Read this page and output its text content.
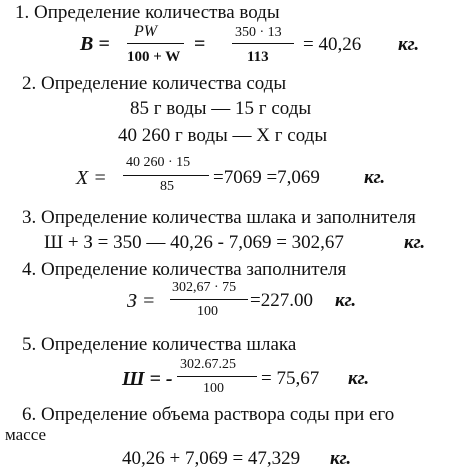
1. Определение количества воды
В =
PW
100 + W
=
350 · 13
113
= 40,26 кг.
2. Определение количества соды
85 г воды — 15 г соды
40 260 г воды — X г соды
X =
40 260 · 15
85 =7069 =7,069 кг.
3. Определение количества шлака и заполнителя
Ш + З = 350 — 40,26 - 7,069 = 302,67	кг.
4. Определение количества заполнителя
З =
302,67 · 75
100
=227.00 кг.
5. Определение количества шлака
Ш = -
302.67.25
100 = 75,67 кг.
6. Определение объема раствора соды при его
массе
40,26 + 7,069 = 47,329 кг.
